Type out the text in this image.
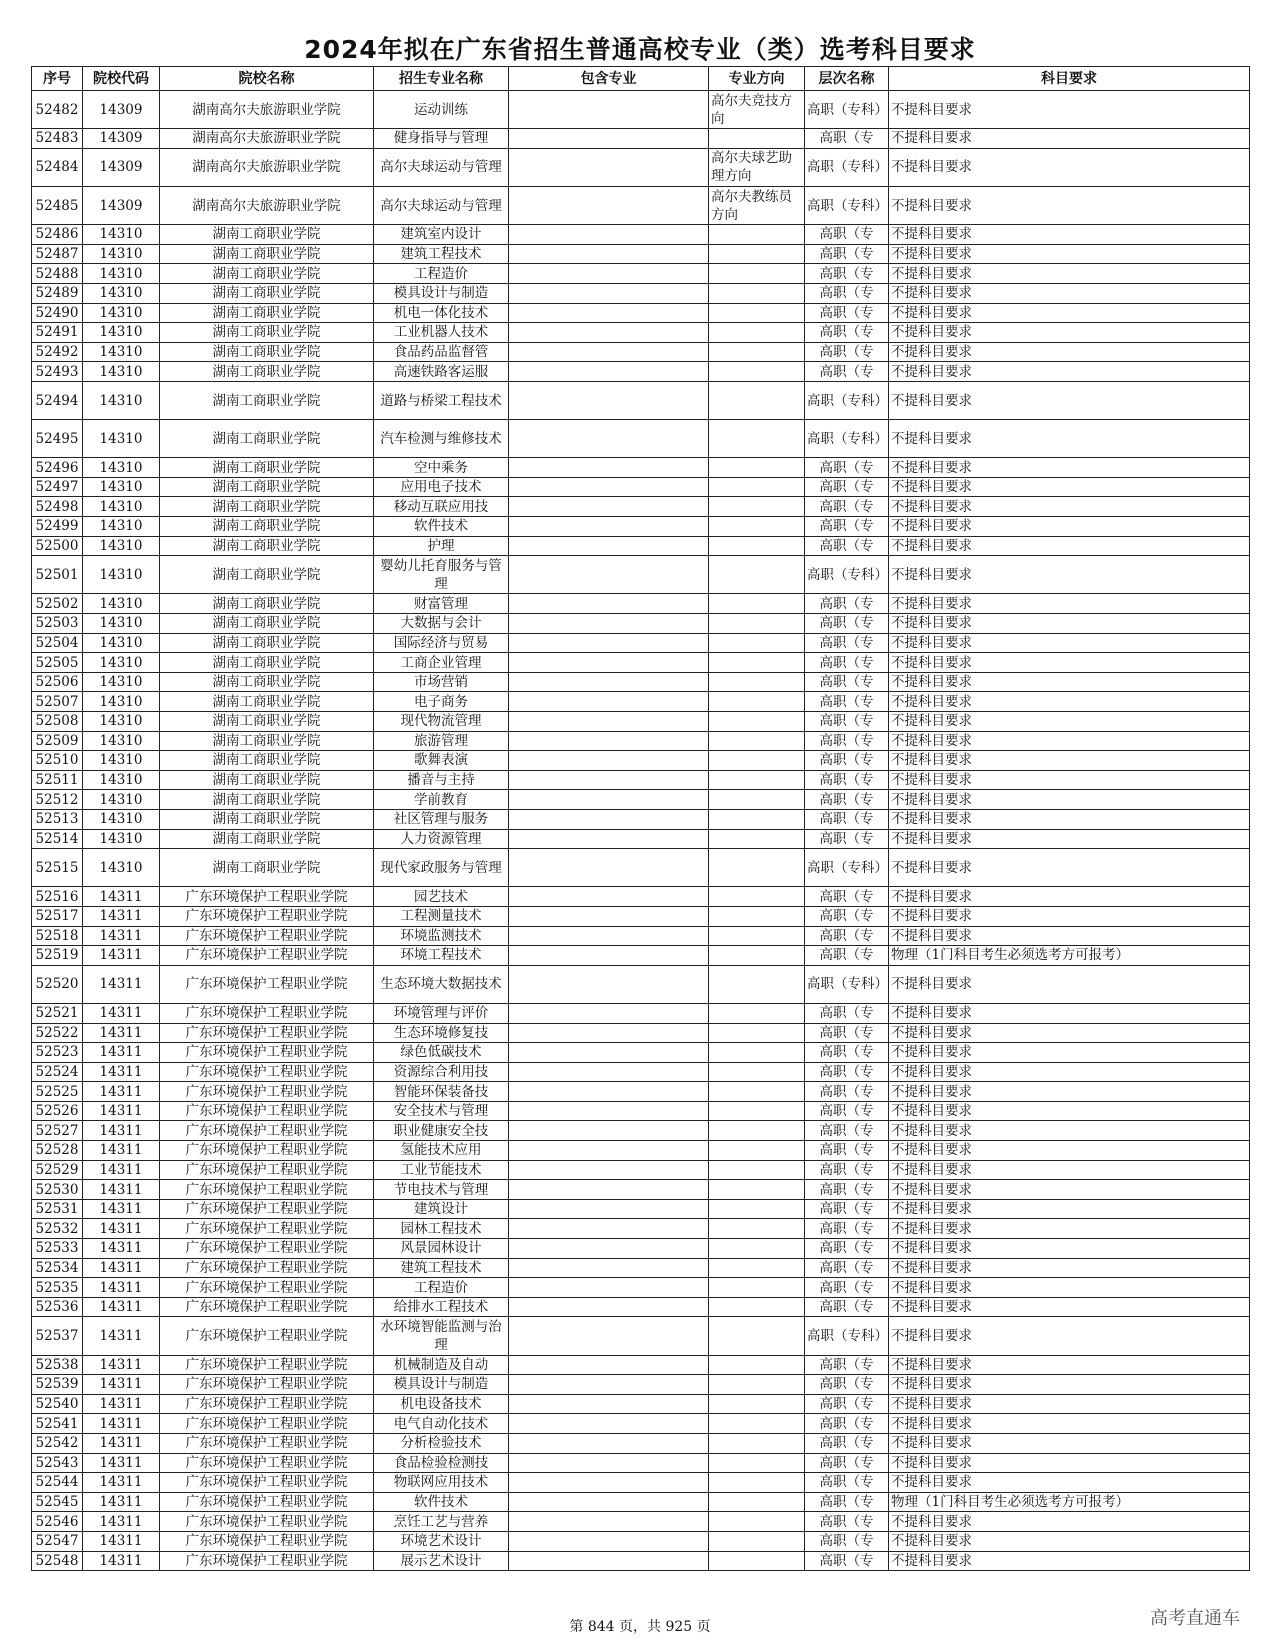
2024年拟在广东省招生普通高校专业（类）选考科目要求
序号	院校代码	院校名称	招生专业名称	包含专业	专业方向	层次名称	科目要求
52482	14309	湖南高尔夫旅游职业学院	运动训练		高尔夫竞技方向	高职（专科）	不提科目要求
52483	14309	湖南高尔夫旅游职业学院	健身指导与管理			高职（专	不提科目要求
52484	14309	湖南高尔夫旅游职业学院	高尔夫球运动与管理		高尔夫球艺助理方向	高职（专科）	不提科目要求
52485	14309	湖南高尔夫旅游职业学院	高尔夫球运动与管理		高尔夫教练员方向	高职（专科）	不提科目要求
52486	14310	湖南工商职业学院	建筑室内设计			高职（专	不提科目要求
52487	14310	湖南工商职业学院	建筑工程技术			高职（专	不提科目要求
52488	14310	湖南工商职业学院	工程造价			高职（专	不提科目要求
52489	14310	湖南工商职业学院	模具设计与制造			高职（专	不提科目要求
52490	14310	湖南工商职业学院	机电一体化技术			高职（专	不提科目要求
52491	14310	湖南工商职业学院	工业机器人技术			高职（专	不提科目要求
52492	14310	湖南工商职业学院	食品药品监督管			高职（专	不提科目要求
52493	14310	湖南工商职业学院	高速铁路客运服			高职（专	不提科目要求
52494	14310	湖南工商职业学院	道路与桥梁工程技术			高职（专科）	不提科目要求
52495	14310	湖南工商职业学院	汽车检测与维修技术			高职（专科）	不提科目要求
52496	14310	湖南工商职业学院	空中乘务			高职（专	不提科目要求
52497	14310	湖南工商职业学院	应用电子技术			高职（专	不提科目要求
52498	14310	湖南工商职业学院	移动互联应用技			高职（专	不提科目要求
52499	14310	湖南工商职业学院	软件技术			高职（专	不提科目要求
52500	14310	湖南工商职业学院	护理			高职（专	不提科目要求
52501	14310	湖南工商职业学院	婴幼儿托育服务与管理			高职（专科）	不提科目要求
52502	14310	湖南工商职业学院	财富管理			高职（专	不提科目要求
52503	14310	湖南工商职业学院	大数据与会计			高职（专	不提科目要求
52504	14310	湖南工商职业学院	国际经济与贸易			高职（专	不提科目要求
52505	14310	湖南工商职业学院	工商企业管理			高职（专	不提科目要求
52506	14310	湖南工商职业学院	市场营销			高职（专	不提科目要求
52507	14310	湖南工商职业学院	电子商务			高职（专	不提科目要求
52508	14310	湖南工商职业学院	现代物流管理			高职（专	不提科目要求
52509	14310	湖南工商职业学院	旅游管理			高职（专	不提科目要求
52510	14310	湖南工商职业学院	歌舞表演			高职（专	不提科目要求
52511	14310	湖南工商职业学院	播音与主持			高职（专	不提科目要求
52512	14310	湖南工商职业学院	学前教育			高职（专	不提科目要求
52513	14310	湖南工商职业学院	社区管理与服务			高职（专	不提科目要求
52514	14310	湖南工商职业学院	人力资源管理			高职（专	不提科目要求
52515	14310	湖南工商职业学院	现代家政服务与管理			高职（专科）	不提科目要求
52516	14311	广东环境保护工程职业学院	园艺技术			高职（专	不提科目要求
52517	14311	广东环境保护工程职业学院	工程测量技术			高职（专	不提科目要求
52518	14311	广东环境保护工程职业学院	环境监测技术			高职（专	不提科目要求
52519	14311	广东环境保护工程职业学院	环境工程技术			高职（专	物理（1门科目考生必须选考方可报考）
52520	14311	广东环境保护工程职业学院	生态环境大数据技术			高职（专科）	不提科目要求
52521	14311	广东环境保护工程职业学院	环境管理与评价			高职（专	不提科目要求
52522	14311	广东环境保护工程职业学院	生态环境修复技			高职（专	不提科目要求
52523	14311	广东环境保护工程职业学院	绿色低碳技术			高职（专	不提科目要求
52524	14311	广东环境保护工程职业学院	资源综合利用技			高职（专	不提科目要求
52525	14311	广东环境保护工程职业学院	智能环保装备技			高职（专	不提科目要求
52526	14311	广东环境保护工程职业学院	安全技术与管理			高职（专	不提科目要求
52527	14311	广东环境保护工程职业学院	职业健康安全技			高职（专	不提科目要求
52528	14311	广东环境保护工程职业学院	氢能技术应用			高职（专	不提科目要求
52529	14311	广东环境保护工程职业学院	工业节能技术			高职（专	不提科目要求
52530	14311	广东环境保护工程职业学院	节电技术与管理			高职（专	不提科目要求
52531	14311	广东环境保护工程职业学院	建筑设计			高职（专	不提科目要求
52532	14311	广东环境保护工程职业学院	园林工程技术			高职（专	不提科目要求
52533	14311	广东环境保护工程职业学院	风景园林设计			高职（专	不提科目要求
52534	14311	广东环境保护工程职业学院	建筑工程技术			高职（专	不提科目要求
52535	14311	广东环境保护工程职业学院	工程造价			高职（专	不提科目要求
52536	14311	广东环境保护工程职业学院	给排水工程技术			高职（专	不提科目要求
52537	14311	广东环境保护工程职业学院	水环境智能监测与治理			高职（专科）	不提科目要求
52538	14311	广东环境保护工程职业学院	机械制造及自动			高职（专	不提科目要求
52539	14311	广东环境保护工程职业学院	模具设计与制造			高职（专	不提科目要求
52540	14311	广东环境保护工程职业学院	机电设备技术			高职（专	不提科目要求
52541	14311	广东环境保护工程职业学院	电气自动化技术			高职（专	不提科目要求
52542	14311	广东环境保护工程职业学院	分析检验技术			高职（专	不提科目要求
52543	14311	广东环境保护工程职业学院	食品检验检测技			高职（专	不提科目要求
52544	14311	广东环境保护工程职业学院	物联网应用技术			高职（专	不提科目要求
52545	14311	广东环境保护工程职业学院	软件技术			高职（专	物理（1门科目考生必须选考方可报考）
52546	14311	广东环境保护工程职业学院	烹饪工艺与营养			高职（专	不提科目要求
52547	14311	广东环境保护工程职业学院	环境艺术设计			高职（专	不提科目要求
52548	14311	广东环境保护工程职业学院	展示艺术设计			高职（专	不提科目要求
第 844 页，共 925 页	高考直通车
